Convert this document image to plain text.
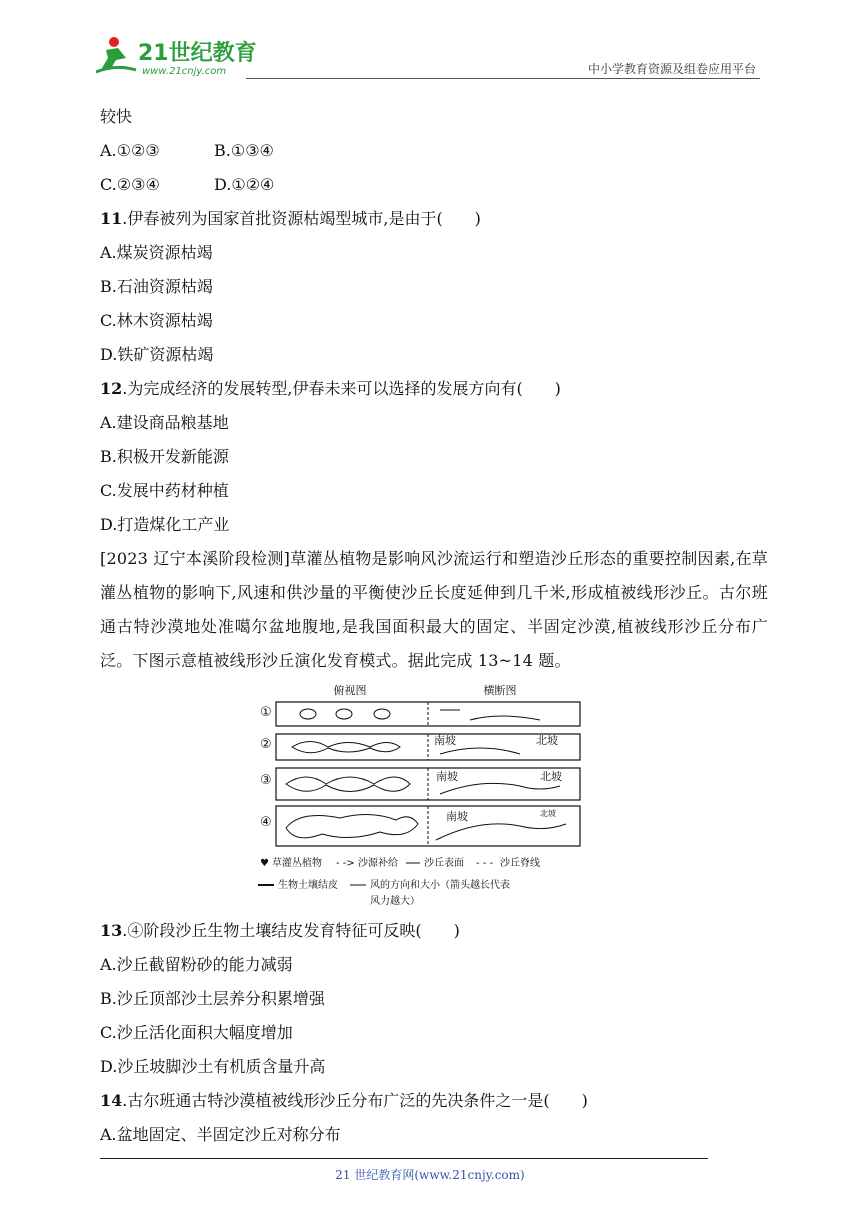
21世纪教育
www.21cnjy.com	中小学教育资源及组卷应用平台
较快
A.①②③	B.①③④
C.②③④	D.①②④
11.伊春被列为国家首批资源枯竭型城市,是由于(　　)
A.煤炭资源枯竭
B.石油资源枯竭
C.林木资源枯竭
D.铁矿资源枯竭
12.为完成经济的发展转型,伊春未来可以选择的发展方向有(　　)
A.建设商品粮基地
B.积极开发新能源
C.发展中药材种植
D.打造煤化工产业
[2023 辽宁本溪阶段检测]草灌丛植物是影响风沙流运行和塑造沙丘形态的重要控制因素,在草灌丛植物的影响下,风速和供沙量的平衡使沙丘长度延伸到几千米,形成植被线形沙丘。古尔班通古特沙漠地处准噶尔盆地腹地,是我国面积最大的固定、半固定沙漠,植被线形沙丘分布广泛。下图示意植被线形沙丘演化发育模式。据此完成 13~14 题。
俯视图	横断图
①
②	南坡	北坡
③	南坡	北坡
④	南坡	北坡
♥ 草灌丛植物 - -> 沙源补给	沙丘表面 - - - 沙丘脊线
生物土壤结皮	风的方向和大小（箭头越长代表
风力越大）
13.④阶段沙丘生物土壤结皮发育特征可反映(　　)
A.沙丘截留粉砂的能力减弱
B.沙丘顶部沙土层养分积累增强
C.沙丘活化面积大幅度增加
D.沙丘坡脚沙土有机质含量升高
14.古尔班通古特沙漠植被线形沙丘分布广泛的先决条件之一是(　　)
A.盆地固定、半固定沙丘对称分布
21 世纪教育网(www.21cnjy.com)
